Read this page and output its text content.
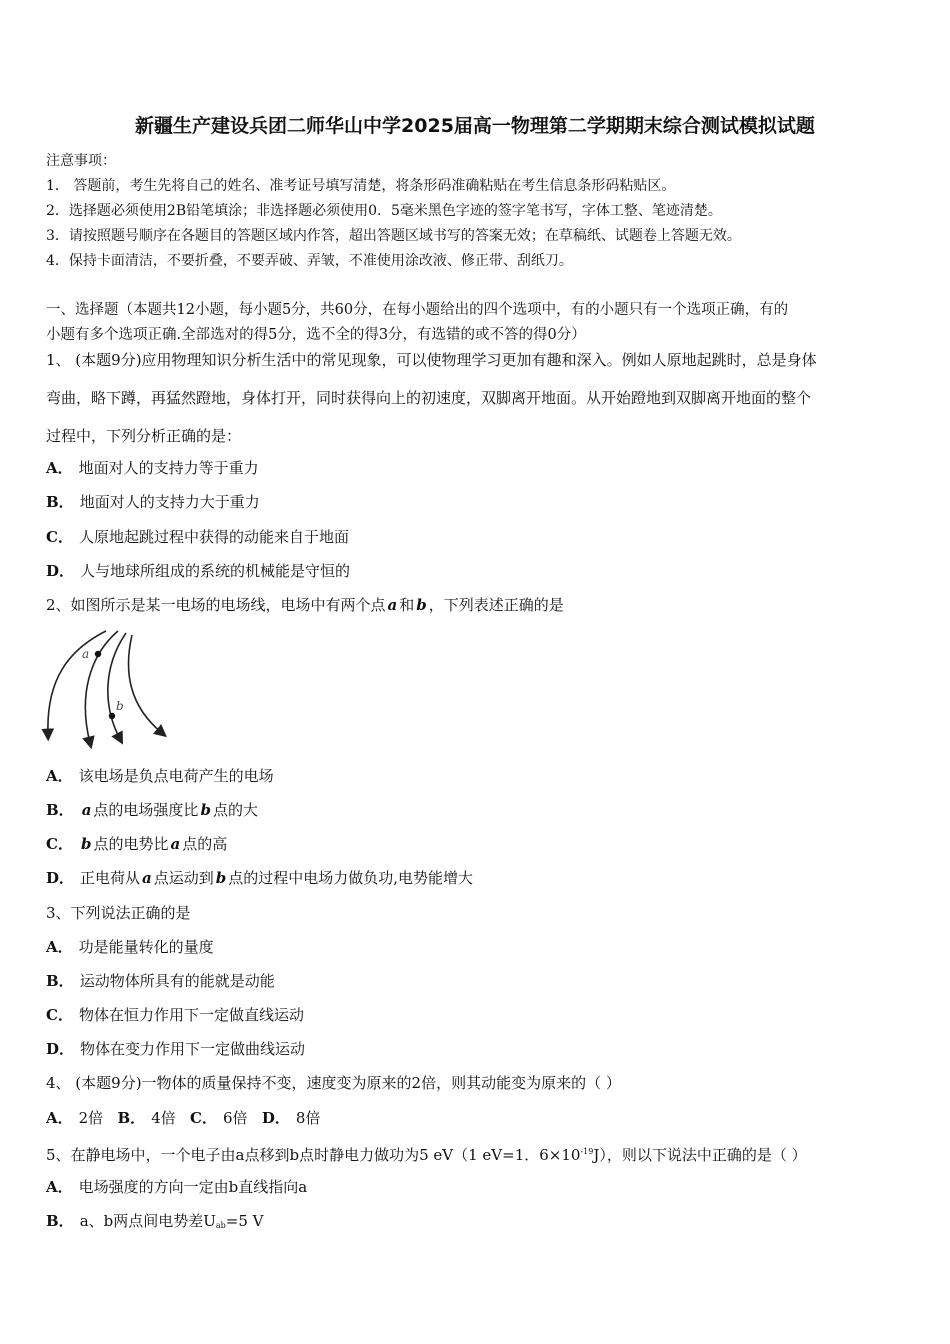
新疆生产建设兵团二师华山中学2025届高一物理第二学期期末综合测试模拟试题
注意事项：
1． 答题前，考生先将自己的姓名、准考证号填写清楚，将条形码准确粘贴在考生信息条形码粘贴区。
2．选择题必须使用2B铅笔填涂；非选择题必须使用0．5毫米黑色字迹的签字笔书写，字体工整、笔迹清楚。
3．请按照题号顺序在各题目的答题区域内作答，超出答题区域书写的答案无效；在草稿纸、试题卷上答题无效。
4．保持卡面清洁，不要折叠，不要弄破、弄皱，不准使用涂改液、修正带、刮纸刀。
一、选择题（本题共12小题，每小题5分，共60分，在每小题给出的四个选项中，有的小题只有一个选项正确，有的
小题有多个选项正确.全部选对的得5分，选不全的得3分，有选错的或不答的得0分）
1、 (本题9分)应用物理知识分析生活中的常见现象，可以使物理学习更加有趣和深入。例如人原地起跳时，总是身体
弯曲，略下蹲，再猛然蹬地，身体打开，同时获得向上的初速度，双脚离开地面。从开始蹬地到双脚离开地面的整个
过程中，下列分析正确的是：
A． 地面对人的支持力等于重力
B． 地面对人的支持力大于重力
C． 人原地起跳过程中获得的动能来自于地面
D． 人与地球所组成的系统的机械能是守恒的
2、如图所示是某一电场的电场线，电场中有两个点 a 和 b ，下列表述正确的是
a
b
A． 该电场是负点电荷产生的电场
B． a 点的电场强度比 b 点的大
C． b 点的电势比 a 点的高
D． 正电荷从 a 点运动到 b 点的过程中电场力做负功,电势能增大
3、下列说法正确的是
A． 功是能量转化的量度
B． 运动物体所具有的能就是动能
C． 物体在恒力作用下一定做直线运动
D． 物体在变力作用下一定做曲线运动
4、 (本题9分)一物体的质量保持不变，速度变为原来的2倍，则其动能变为原来的（ ）
A． 2倍 B． 4倍 C． 6倍 D． 8倍
5、在静电场中，一个电子由a点移到b点时静电力做功为5 eV（1 eV=1．$6\times 10^{-19}J$），则以下说法中正确的是（ ）
A． 电场强度的方向一定由b直线指向a
B． a、b两点间电势差$U_{ab}=5$ V
